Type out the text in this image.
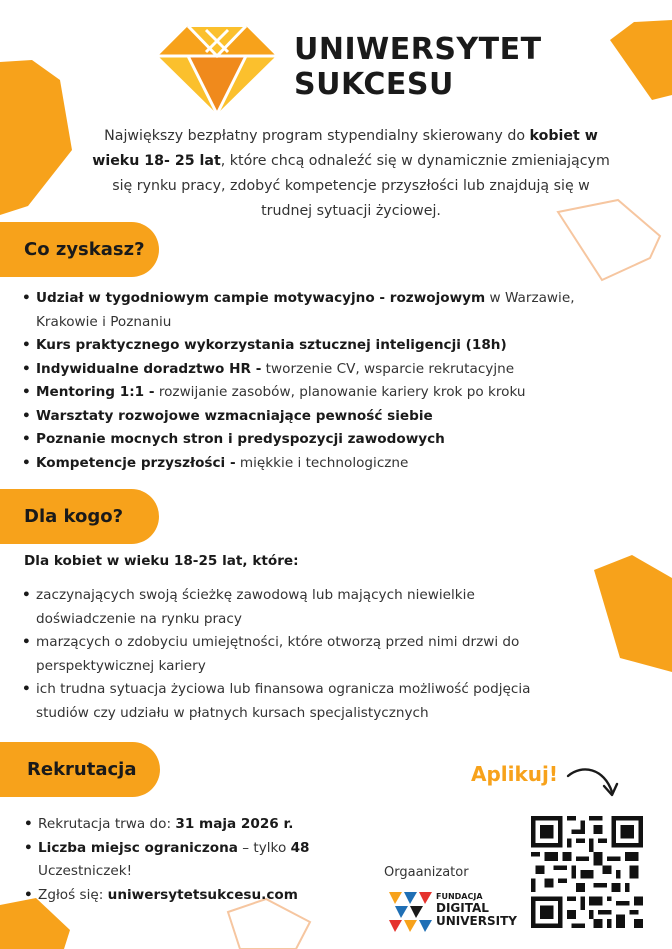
UNIWERSYTET
SUKCESU
Największy bezpłatny program stypendialny skierowany do kobiet w wieku 18- 25 lat, które chcą odnaleźć się w dynamicznie zmieniającym się rynku pracy, zdobyć kompetencje przyszłości lub znajdują się w trudnej sytuacji życiowej.
Co zyskasz?
• Udział w tygodniowym campie motywacyjno - rozwojowym w Warzawie, Krakowie i Poznaniu
• Kurs praktycznego wykorzystania sztucznej inteligencji (18h)
• Indywidualne doradztwo HR - tworzenie CV, wsparcie rekrutacyjne
• Mentoring 1:1 - rozwijanie zasobów, planowanie kariery krok po kroku
• Warsztaty rozwojowe wzmacniające pewność siebie
• Poznanie mocnych stron i predyspozycji zawodowych
• Kompetencje przyszłości - miękkie i technologiczne
Dla kogo?
Dla kobiet w wieku 18-25 lat, które:
• zaczynających swoją ścieżkę zawodową lub mających niewielkie doświadczenie na rynku pracy
• marzących o zdobyciu umiejętności, które otworzą przed nimi drzwi do perspektywicznej kariery
• ich trudna sytuacja życiowa lub finansowa ogranicza możliwość podjęcia studiów czy udziału w płatnych kursach specjalistycznych
Rekrutacja
• Rekrutacja trwa do: 31 maja 2026 r.
• Liczba miejsc ograniczona – tylko 48 Uczestniczek!
• Zgłoś się: uniwersytetsukcesu.com
Aplikuj!
Orgaanizator
FUNDACJA
DIGITAL
UNIVERSITY
